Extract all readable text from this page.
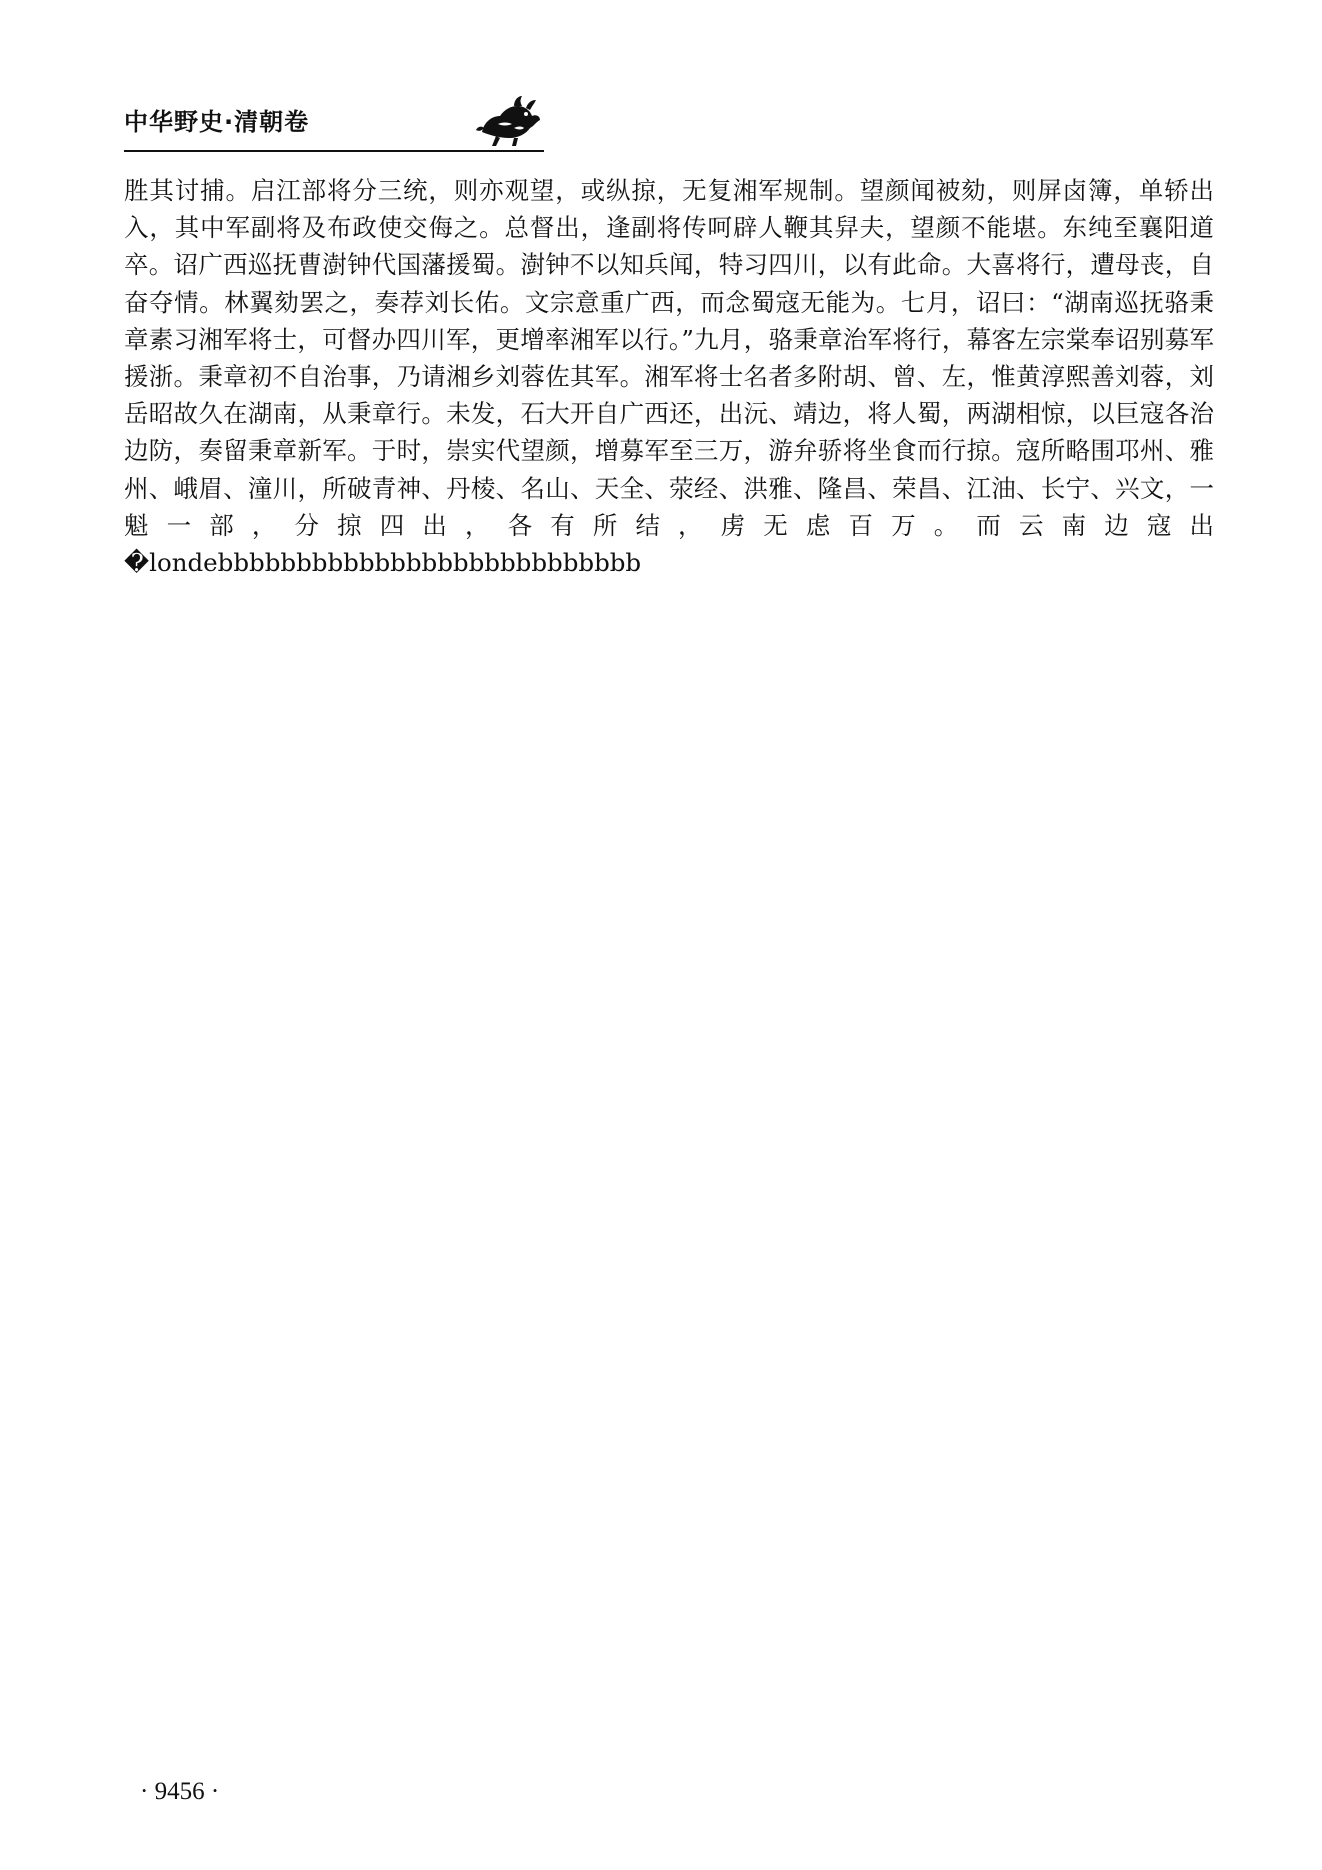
中华野史·清朝卷

胜其讨捕。启江部将分三统，则亦观望，或纵掠，无复湘军规制。望颜闻被劾，则屏卤簿，单轿出入，其中军副将及布政使交侮之。总督出，逢副将传呵辟人鞭其舁夫，望颜不能堪。东纯至襄阳道卒。诏广西巡抚曹澍钟代国藩援蜀。澍钟不以知兵闻，特习四川，以有此命。大喜将行，遭母丧，自奋夺情。林翼劾罢之，奏荐刘长佑。文宗意重广西，而念蜀寇无能为。七月，诏曰：“湖南巡抚骆秉章素习湘军将士，可督办四川军，更增率湘军以行。”九月，骆秉章治军将行，幕客左宗棠奉诏别募军援浙。秉章初不自治事，乃请湘乡刘蓉佐其军。湘军将士名者多附胡、曾、左，惟黄淳熙善刘蓉，刘岳昭故久在湖南，从秉章行。未发，石大开自广西还，出沅、靖边，将人蜀，两湖相惊，以巨寇各治边防，奏留秉章新军。于时，崇实代望颜，增募军至三万，游弁骄将坐食而行掠。寇所略围邛州、雅州、峨眉、潼川，所破青神、丹棱、名山、天全、荥经、洪雅、隆昌、荣昌、江油、长宁、兴文，一魁一部，分掠四出，各有所结，虏无虑百万。而云南边寇出�londebbbbbbbbbbbbbbbbbbbbbbbbbbb

· 9456 ·
